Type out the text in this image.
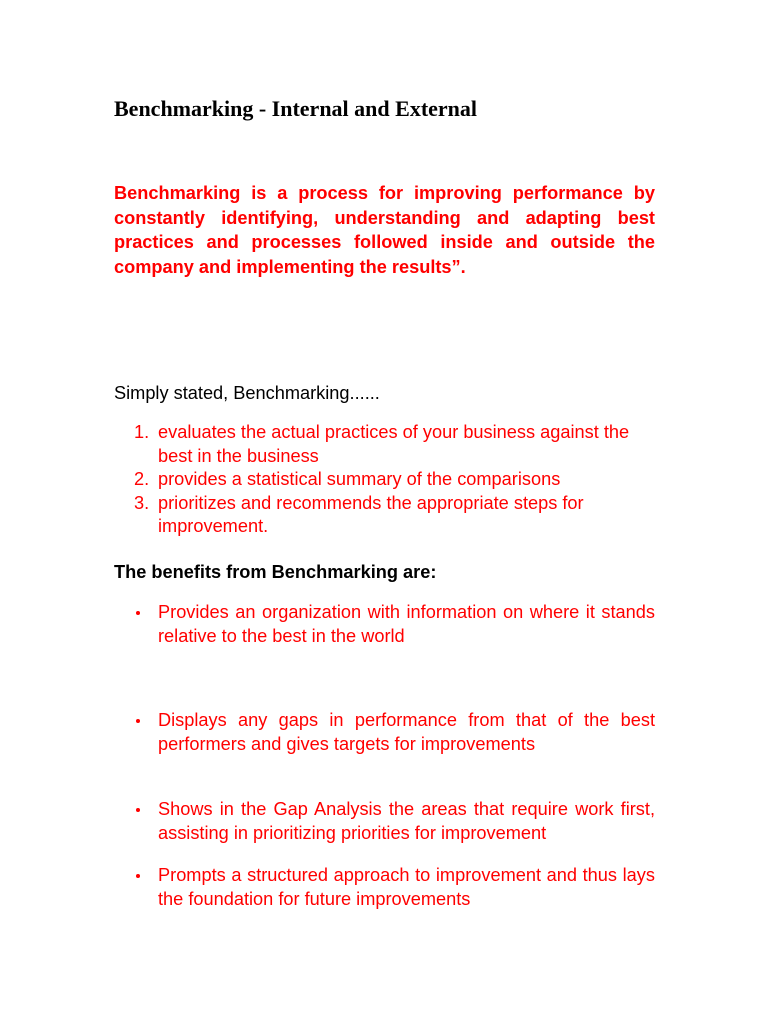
Benchmarking - Internal and External

Benchmarking is a process for improving performance by constantly identifying, understanding and adapting best practices and processes followed inside and outside the company and implementing the results”.

Simply stated, Benchmarking......

1. evaluates the actual practices of your business against the best in the business
2. provides a statistical summary of the comparisons
3. prioritizes and recommends the appropriate steps for improvement.

The benefits from Benchmarking are:

Provides an organization with information on where it stands relative to the best in the world
Displays any gaps in performance from that of the best performers and gives targets for improvements
Shows in the Gap Analysis the areas that require work first, assisting in prioritizing priorities for improvement
Prompts a structured approach to improvement and thus lays the foundation for future improvements
